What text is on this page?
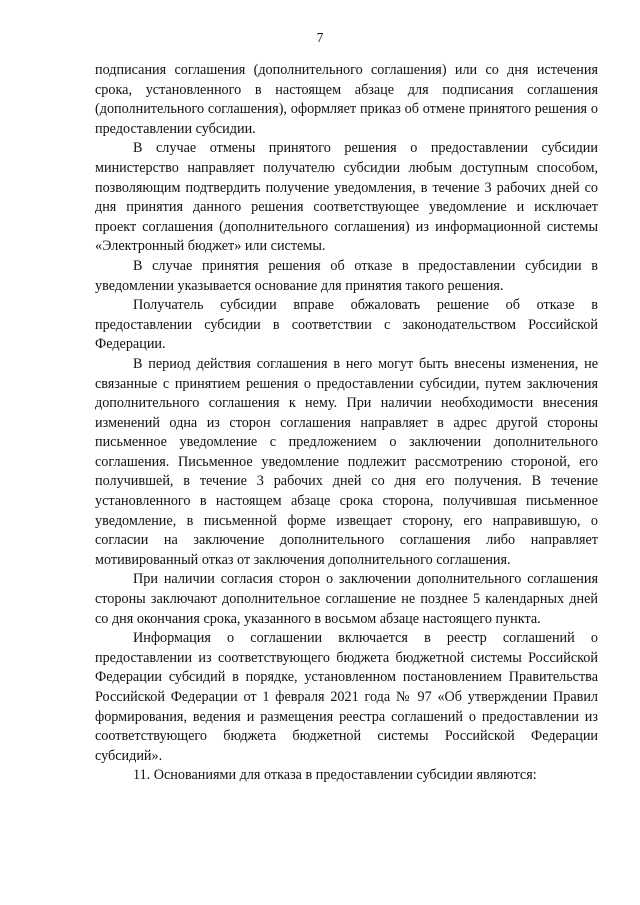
7

подписания соглашения (дополнительного соглашения) или со дня истечения срока, установленного в настоящем абзаце для подписания соглашения (дополнительного соглашения), оформляет приказ об отмене принятого решения о предоставлении субсидии.

В случае отмены принятого решения о предоставлении субсидии министерство направляет получателю субсидии любым доступным способом, позволяющим подтвердить получение уведомления, в течение 3 рабочих дней со дня принятия данного решения соответствующее уведомление и исключает проект соглашения (дополнительного соглашения) из информационной системы «Электронный бюджет» или системы.

В случае принятия решения об отказе в предоставлении субсидии в уведомлении указывается основание для принятия такого решения.

Получатель субсидии вправе обжаловать решение об отказе в предоставлении субсидии в соответствии с законодательством Российской Федерации.

В период действия соглашения в него могут быть внесены изменения, не связанные с принятием решения о предоставлении субсидии, путем заключения дополнительного соглашения к нему. При наличии необходимости внесения изменений одна из сторон соглашения направляет в адрес другой стороны письменное уведомление с предложением о заключении дополнительного соглашения. Письменное уведомление подлежит рассмотрению стороной, его получившей, в течение 3 рабочих дней со дня его получения. В течение установленного в настоящем абзаце срока сторона, получившая письменное уведомление, в письменной форме извещает сторону, его направившую, о согласии на заключение дополнительного соглашения либо направляет мотивированный отказ от заключения дополнительного соглашения.

При наличии согласия сторон о заключении дополнительного соглашения стороны заключают дополнительное соглашение не позднее 5 календарных дней со дня окончания срока, указанного в восьмом абзаце настоящего пункта.

Информация о соглашении включается в реестр соглашений о предоставлении из соответствующего бюджета бюджетной системы Российской Федерации субсидий в порядке, установленном постановлением Правительства Российской Федерации от 1 февраля 2021 года № 97 «Об утверждении Правил формирования, ведения и размещения реестра соглашений о предоставлении из соответствующего бюджета бюджетной системы Российской Федерации субсидий».

11. Основаниями для отказа в предоставлении субсидии являются:
